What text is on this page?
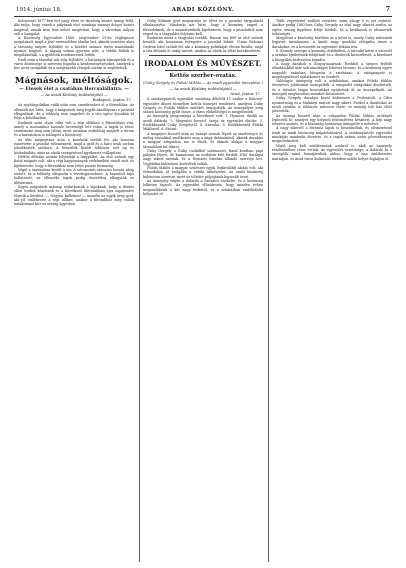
1914. június 18.	ARADI KÖZLÖNY.	7

Kolozsvárt 1877-ben lett nagy élete és dicsőség bezárt ünnep felől. Aki tudja, hogy ennek a pályának első munkája mennyi dolgot hozott magával, annak nem lesz nehéz megérteni, hogy a városban milyen volt a hangulat.

A Közönség Egyesülete 1886. szeptember 29-én véglegesen megalakult, majd a jövő esztendőben elnöke lett, akinek vezetése alatt a társaság szépen fejlődött és a közélet számos terén maradandó nyomot hagyott. A tagság száma gyorsan nőtt, a vidéki fiókok is megalakultak, s a gyűlések rendszeresek lettek.

Ezek után a társulat sok évig fejlődött, a hatóságok támogatták és a város közönsége is szívesen fogadta a kezdeményezéseket, amelyek a köz javát szolgálták és a szegényebb rétegek sorsán is enyhítettek.

Mágnások, méltóságok.
— Élesek élet a csatában Hercsalállatra. —
— Az aradi Közlöny tudósítójától —
Budapest, június 17.

Az egyházpolitikai viták után sem csendesedett el a főrendiház. Az ellenzék azt hitte, hogy a mágnások meg fogják akadályozni a javaslat elfogadását, de a többség nem engedett és a vita egész éjszakán át folyt a felsőházban.

Ezeknek szint olyan ritka volt a régi időkben a főrendiházi vita, amely a mostanihoz hasonló hevességű lett volna. A tagok jó része rendszerint meg sem jelent, most azonban zsúfolásig megtelt a terem és a karzatokon is tolongott a közönség.

Az ülés megnyitása után a korelnök szólalt fel, aki hosszan ismertette a javaslat előzményeit, majd a gróf és a báró urak sorban jelentkeztek szólásra. A beszédek között többször volt zaj és közbekiáltás, amit az elnök csengetéssel igyekezett csillapítani.

Hétfőn délután azután folytatták a tárgyalást. Az első szónok egy fiatal mágnás volt, aki a régi hagyományok védelmében emelt szót, és kijelentette, hogy a főrendiház nem lehet puszta formaság.

Végül a szavazásra került a sor. A névszerinti szavazás hosszú ideig tartott, és a többség elfogadta a törvényjavaslatot. A karzatról taps hallatszott, az ellenzéki tagok pedig tüntetőleg elhagyták az üléstermet.

Egyes mágnások másnap nyilatkoztak a lapoknak, hogy a döntés ellen tovább küzdenek és a következő ülésszakban újra napirendre tűzetik a kérdést. — Nagyon kellemes! — mondta az egyik öreg gróf, aki jól emlékezett a régi időkre, amikor a főrendiház még valódi hatalommal bírt az ország ügyeiben.

Csiky Kálmán gróf megnyitója az ülést és a javaslat tárgyalását elhalasztotta. Mindenki azt hitte, hogy a kormány enged a főrendeknek, de a miniszterelnök kijelentette, hogy a javaslatból nem enged és a tárgyalást folytatni kell.

Ezekután ment a tárgyalás tovább. Három óra felé az első szónok beszélt, aki hosszasan fejtegette a javaslat hibáit. Utána Rohonci Gedeon báró szólalt fel, aki a kormány politikáját élesen bírálta, majd a vita délután öt óráig tartott, amikor az elnök az ülést berekesztette.

IRODALOM ÉS MŰVÉSZET.
Kettős szerber-ovatás.
(Csiky Gergely és Füleki Miklós — Az aradi egyesület ünneplése.)
— Az aradi Közlöny tudósítójától —
Arad, június 17.

A színházpártoló egyesület vasárnap délelőtt 11 órakor a Kölcsey-egyesület díszes termében kettős ünnepet rendezett, amelyen Csiky Gergely és Füleki Miklós emlékét ünnepelték. Az ünnepélyre szép számú közönség gyűlt össze, a város előkelőségei is megjelentek.

Az ünnepély programmja a következő volt: 1. Hymnus, énekli az aradi dalárda. 2. Megnyitó beszéd, tartja az egyesület elnöke. 3. Emlékbeszéd Csiky Gergelyről. 4. Szavalat. 5. Emlékbeszéd Füleki Miklósról. 6. Szózat.

A megnyitó beszéd után az ünnepi szónok lépett az emelvényre és meleg szavakkal emlékezett meg a nagy drámaíróról, akinek darabjai a magyar színpadon ma is élnek, és akinek alakjai a magyar társadalom hű tükrei.

Csiky Gergely a Csiky családból származott, fiatal korában papi pályára lépett, de hamarosan az irodalom felé fordult. Első darabjai nagy sikert arattak, és a Nemzeti Színház állandó szerzője lett. Vígjátékai különösen kedveltek voltak.

Füleki Miklós a magyar színészet egyik legkiválóbb alakja volt, aki évtizedeken át szolgálta a vidéki színészetet. Az aradi közönség különösen szerette, mert itt töltötte pályájának legszebb éveit.

Az ünnepély végén a dalárda a Szózatot énekelte, és a közönség lelkesen tapsolt. Az egyesület elhatározta, hogy minden évben megemlékezik a két nagy férfiúról, és a színházban emléktáblát helyeztet el.

Több vegyülettel szállott vesztére, mint ahogy ő is ezt sejtette. Amikor pedig 1881-ben Csiky Gergely az első nagy sikerét aratta, az egész ország figyelme feléje fordult, és a kritikusok is elismerték tehetségét.

Megjelent a közönség körében az a kötet is, amely Csiky műveinek legjavát tartalmazza. A kiadó nagy gonddal válogatta össze a darabokat, és a bevezetőt az egyesület titkára írta.

8. Komoly szerepe a kormány érdekében. A társulat kérte a várostól a színház épületének felújítását és a díszletek kicserélését. A kérelmet a közgyűlés kedvezően fogadta.

A nagy darabok a Közjogtanárnak. Ezekből a szépen fejlődő előadásokból már sok tanulságot lehetett levonni, és a közönség egyre nagyobb számban látogatta a színházat. A színigazgató is megelégedéssel nyilatkozott az évadról.

Valóságos ünnepség volt a színházban, amikor Füleki Miklós ötvenéves jubileumát ünnepelték. A színpadot virágokkal díszítették, és a társulat tagjai koszorúkat nyújtottak át az ünnepeltnek. Az ünnepelt meghatottan mondott köszönetet.

Csiky Gergely darabjai közül különösen a Proletárok, a Cifra nyomorúság és a Mukányi aratott nagy sikert. Ezeket a darabokat az aradi színház is többször műsorra tűzte, és mindig telt ház előtt játszották.

Az ünnepi beszéd után a színpadon Füleki Miklós arcképét leplezték le, amelyet egy helybeli festőművész készített. A kép nagy tetszést aratott, és a közönség hosszasan ünnepelte a művészt.

A nagy sikerről a fővárosi lapok is beszámoltak, és elismeréssel írtak az aradi közönség műpártolásáról. A színházpártoló egyesület munkáját mindenki dicsérte, és a tagok száma azóta jelentékenyen megnövekedett.

Végül meg kell emlékeznünk azokról is, akik az ünnepély rendezésében részt vettek. Az egyesület vezetősége, a dalárda és a szereplők mind hozzájárultak ahhoz, hogy a nap emlékezetes maradjon, és Arad város kulturális életében méltó helyet foglaljon el.
